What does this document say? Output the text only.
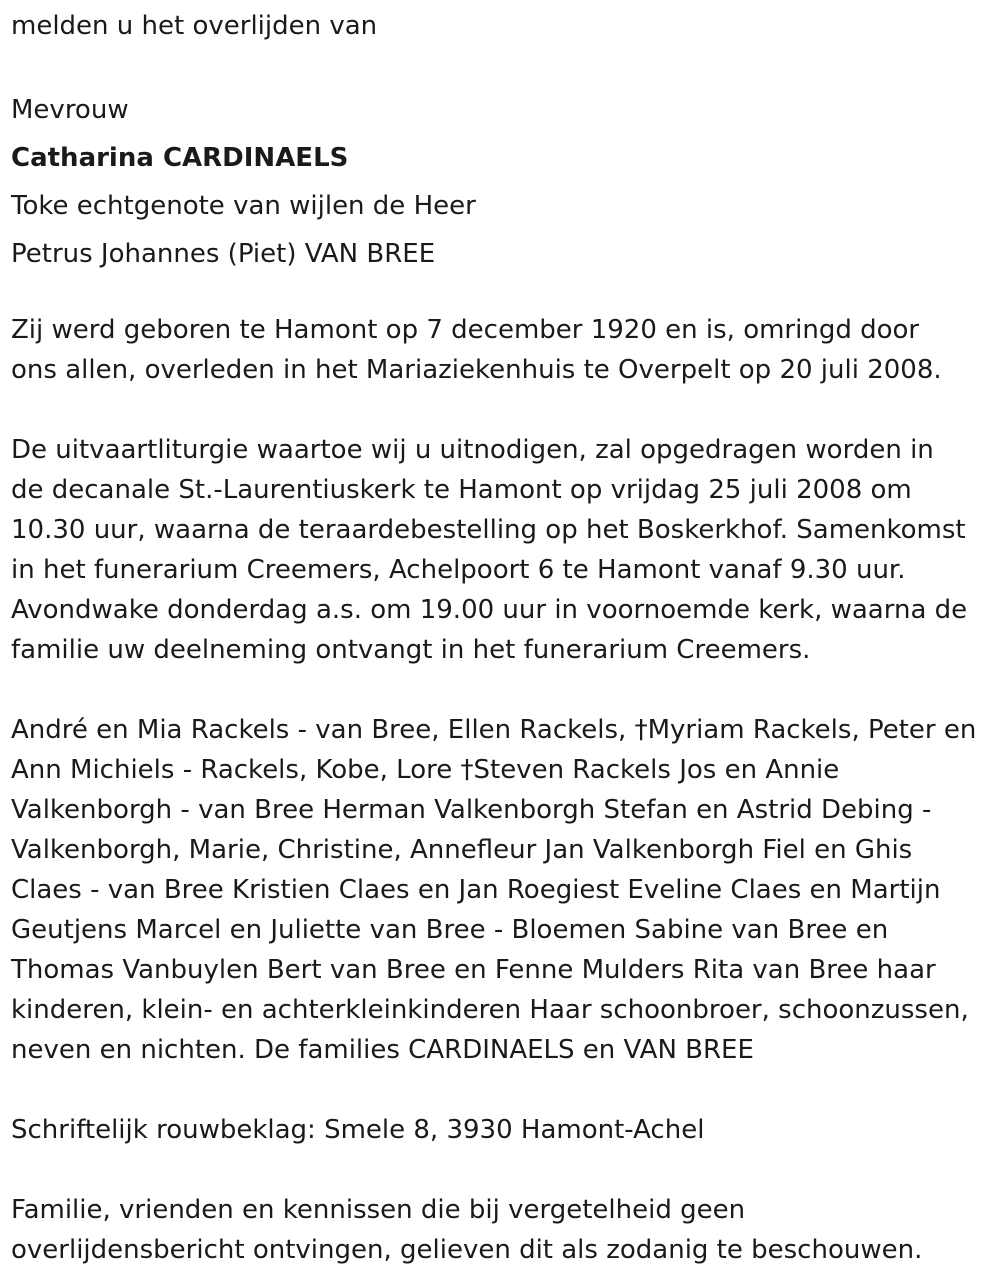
melden u het overlijden van

Mevrouw

Catharina CARDINAELS

Toke echtgenote van wijlen de Heer

Petrus Johannes (Piet) VAN BREE

Zij werd geboren te Hamont op 7 december 1920 en is, omringd door
ons allen, overleden in het Mariaziekenhuis te Overpelt op 20 juli 2008.
De uitvaartliturgie waartoe wij u uitnodigen, zal opgedragen worden in
de decanale St.-Laurentiuskerk te Hamont op vrijdag 25 juli 2008 om
10.30 uur, waarna de teraardebestelling op het Boskerkhof. Samenkomst
in het funerarium Creemers, Achelpoort 6 te Hamont vanaf 9.30 uur.
Avondwake donderdag a.s. om 19.00 uur in voornoemde kerk, waarna de
familie uw deelneming ontvangt in het funerarium Creemers.
André en Mia Rackels - van Bree, Ellen Rackels, †Myriam Rackels, Peter en
Ann Michiels - Rackels, Kobe, Lore †Steven Rackels Jos en Annie
Valkenborgh - van Bree Herman Valkenborgh Stefan en Astrid Debing -
Valkenborgh, Marie, Christine, Annefleur Jan Valkenborgh Fiel en Ghis
Claes - van Bree Kristien Claes en Jan Roegiest Eveline Claes en Martijn
Geutjens Marcel en Juliette van Bree - Bloemen Sabine van Bree en
Thomas Vanbuylen Bert van Bree en Fenne Mulders Rita van Bree haar
kinderen, klein- en achterkleinkinderen Haar schoonbroer, schoonzussen,
neven en nichten. De families CARDINAELS en VAN BREE

Schriftelijk rouwbeklag: Smele 8, 3930 Hamont-Achel

Familie, vrienden en kennissen die bij vergetelheid geen
overlijdensbericht ontvingen, gelieven dit als zodanig te beschouwen.
